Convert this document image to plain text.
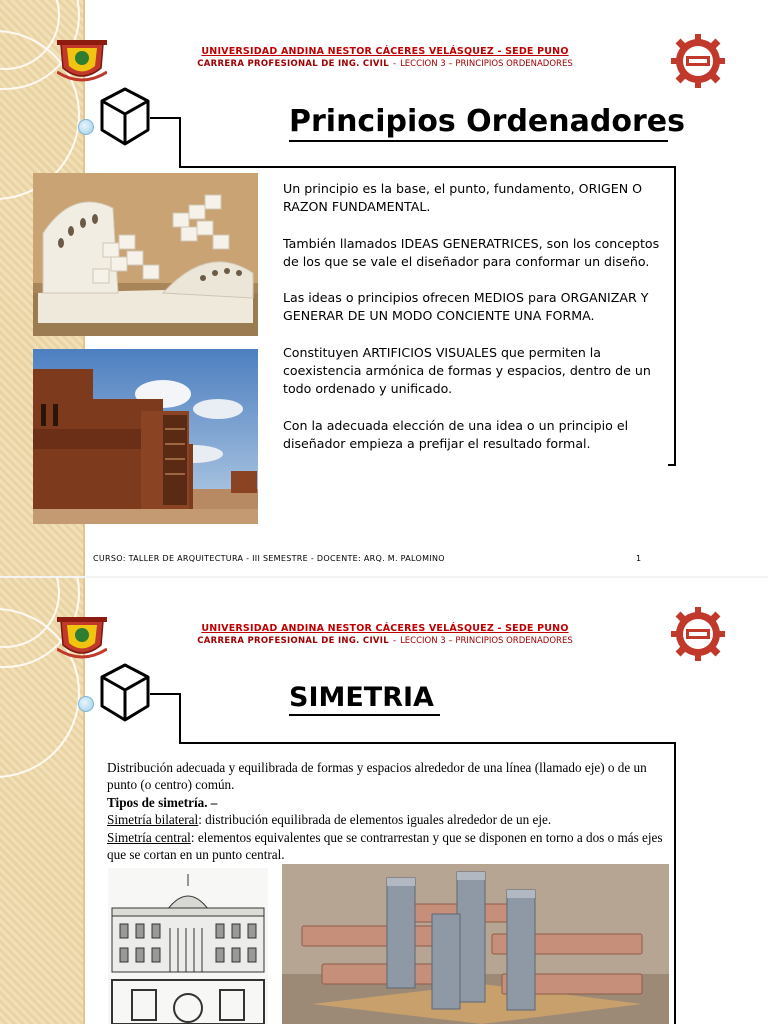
UNIVERSIDAD ANDINA NESTOR CÁCERES VELÁSQUEZ - SEDE PUNO
CARRERA PROFESIONAL DE ING. CIVIL - LECCION 3 – PRINCIPIOS ORDENADORES
Principios Ordenadores

Un principio es la base, el punto, fundamento, ORIGEN O RAZON FUNDAMENTAL.

También llamados IDEAS GENERATRICES, son los conceptos de los que se vale el diseñador para conformar un diseño.

Las ideas o principios ofrecen MEDIOS para ORGANIZAR Y GENERAR DE UN MODO CONCIENTE UNA FORMA.

Constituyen ARTIFICIOS VISUALES que permiten la coexistencia armónica de formas y espacios, dentro de un todo ordenado y unificado.

Con la adecuada elección de una idea o un principio el diseñador empieza a prefijar el resultado formal.

CURSO: TALLER DE ARQUITECTURA - III SEMESTRE - DOCENTE: ARQ. M. PALOMINO	1
UNIVERSIDAD ANDINA NESTOR CÁCERES VELÁSQUEZ - SEDE PUNO
CARRERA PROFESIONAL DE ING. CIVIL - LECCION 3 – PRINCIPIOS ORDENADORES
SIMETRIA
Distribución adecuada y equilibrada de formas y espacios alrededor de una línea (llamado eje) o de un punto (o centro) común.
Tipos de simetría. –
Simetría bilateral: distribución equilibrada de elementos iguales alrededor de un eje.
Simetría central: elementos equivalentes que se contrarrestan y que se disponen en torno a dos o más ejes que se cortan en un punto central.
